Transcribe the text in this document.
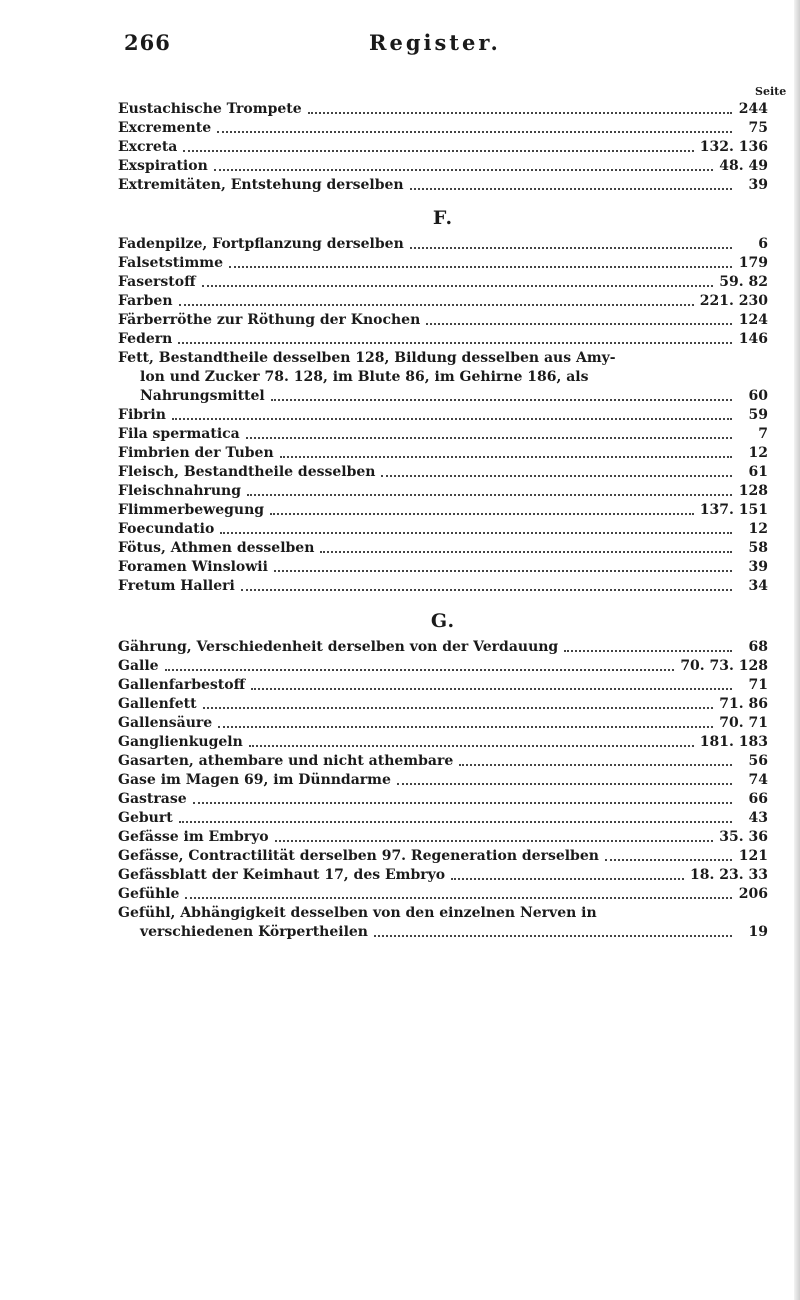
266	Register.
Seite
Eustachische Trompete	244
Excremente	75
Excreta	132. 136
Exspiration	48. 49
Extremitäten, Entstehung derselben	39
F.
Fadenpilze, Fortpflanzung derselben	6
Falsetstimme	179
Faserstoff	59. 82
Farben	221. 230
Färberröthe zur Röthung der Knochen	124
Federn	146
Fett, Bestandtheile desselben 128, Bildung desselben aus Amy-
lon und Zucker 78. 128, im Blute 86, im Gehirne 186, als
Nahrungsmittel	60
Fibrin	59
Fila spermatica	7
Fimbrien der Tuben	12
Fleisch, Bestandtheile desselben	61
Fleischnahrung	128
Flimmerbewegung	137. 151
Foecundatio	12
Fötus, Athmen desselben	58
Foramen Winslowii	39
Fretum Halleri	34
G.
Gährung, Verschiedenheit derselben von der Verdauung	68
Galle	70. 73. 128
Gallenfarbestoff	71
Gallenfett	71. 86
Gallensäure	70. 71
Ganglienkugeln	181. 183
Gasarten, athembare und nicht athembare	56
Gase im Magen 69, im Dünndarme	74
Gastrase	66
Geburt	43
Gefässe im Embryo	35. 36
Gefässe, Contractilität derselben 97. Regeneration derselben	121
Gefässblatt der Keimhaut 17, des Embryo	18. 23. 33
Gefühle	206
Gefühl, Abhängigkeit desselben von den einzelnen Nerven in
verschiedenen Körpertheilen	19
